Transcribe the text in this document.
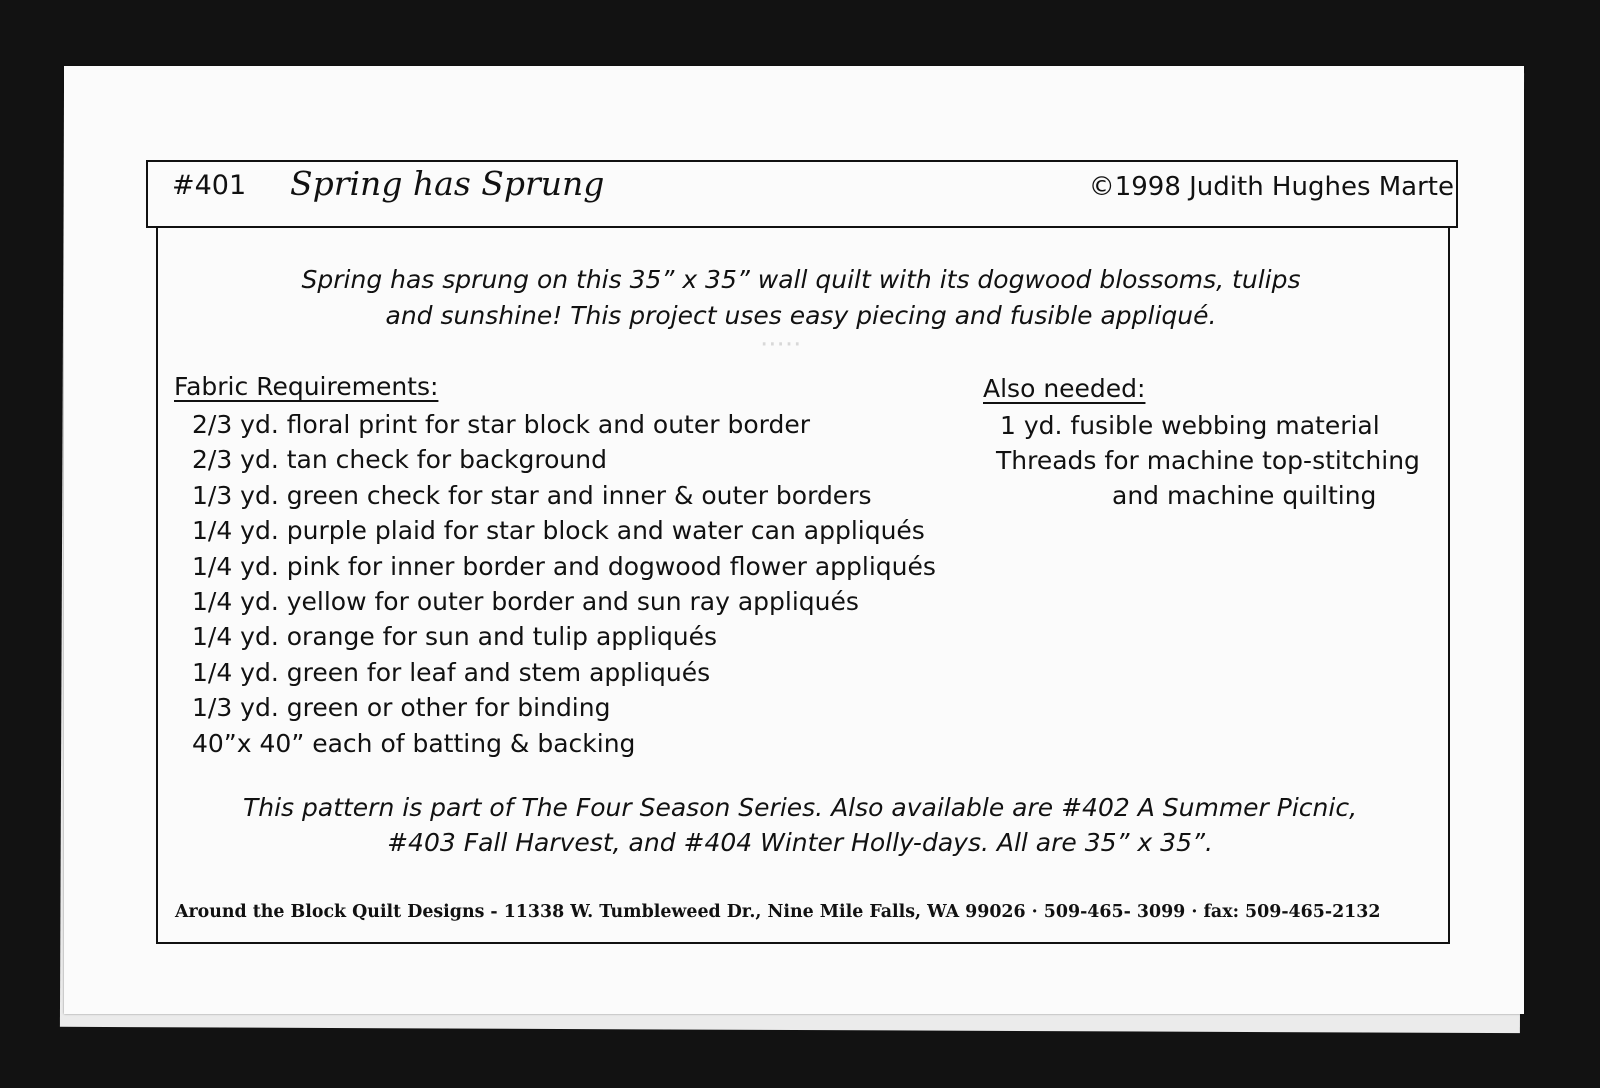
·····
#401 Spring has Sprung	©1998 Judith Hughes Marte
Spring has sprung on this 35” x 35” wall quilt with its dogwood blossoms, tulips
and sunshine! This project uses easy piecing and fusible appliqué.
Fabric Requirements:
2/3 yd. floral print for star block and outer border
2/3 yd. tan check for background
1/3 yd. green check for star and inner & outer borders
1/4 yd. purple plaid for star block and water can appliqués
1/4 yd. pink for inner border and dogwood flower appliqués
1/4 yd. yellow for outer border and sun ray appliqués
1/4 yd. orange for sun and tulip appliqués
1/4 yd. green for leaf and stem appliqués
1/3 yd. green or other for binding
40”x 40” each of batting & backing
Also needed:
1 yd. fusible webbing material
Threads for machine top-stitching
and machine quilting
This pattern is part of The Four Season Series. Also available are #402 A Summer Picnic,
#403 Fall Harvest, and #404 Winter Holly-days. All are 35” x 35”.
Around the Block Quilt Designs - 11338 W. Tumbleweed Dr., Nine Mile Falls, WA 99026 · 509-465- 3099 · fax: 509-465-2132
